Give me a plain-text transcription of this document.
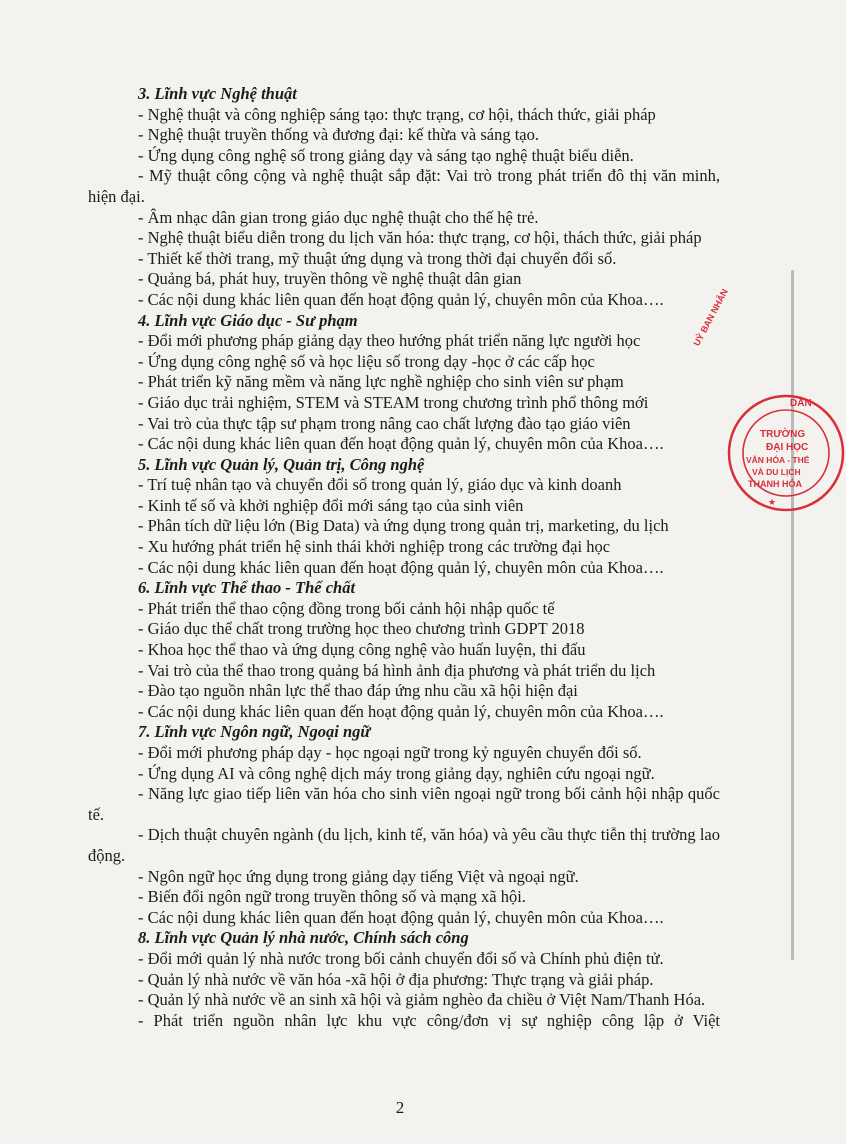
3. Lĩnh vực Nghệ thuật
- Nghệ thuật và công nghiệp sáng tạo: thực trạng, cơ hội, thách thức, giải pháp
- Nghệ thuật truyền thống và đương đại: kế thừa và sáng tạo.
- Ứng dụng công nghệ số trong giảng dạy và sáng tạo nghệ thuật biểu diễn.
- Mỹ thuật công cộng và nghệ thuật sắp đặt: Vai trò trong phát triển đô thị văn minh, hiện đại.
- Âm nhạc dân gian trong giáo dục nghệ thuật cho thế hệ trẻ.
- Nghệ thuật biểu diễn trong du lịch văn hóa: thực trạng, cơ hội, thách thức, giải pháp
- Thiết kế thời trang, mỹ thuật ứng dụng và trong thời đại chuyển đổi số.
- Quảng bá, phát huy, truyền thông về nghệ thuật dân gian
- Các nội dung khác liên quan đến hoạt động quản lý, chuyên môn của Khoa….
4. Lĩnh vực Giáo dục - Sư phạm
- Đổi mới phương pháp giảng dạy theo hướng phát triển năng lực người học
- Ứng dụng công nghệ số và học liệu số trong dạy -học ở các cấp học
- Phát triển kỹ năng mềm và năng lực nghề nghiệp cho sinh viên sư phạm
- Giáo dục trải nghiệm, STEM và STEAM trong chương trình phổ thông mới
- Vai trò của thực tập sư phạm trong nâng cao chất lượng đào tạo giáo viên
- Các nội dung khác liên quan đến hoạt động quản lý, chuyên môn của Khoa….
5. Lĩnh vực Quản lý, Quản trị, Công nghệ
- Trí tuệ nhân tạo và chuyển đổi số trong quản lý, giáo dục và kinh doanh
- Kinh tế số và khởi nghiệp đổi mới sáng tạo của sinh viên
- Phân tích dữ liệu lớn (Big Data) và ứng dụng trong quản trị, marketing, du lịch
- Xu hướng phát triển hệ sinh thái khởi nghiệp trong các trường đại học
- Các nội dung khác liên quan đến hoạt động quản lý, chuyên môn của Khoa….
6. Lĩnh vực Thể thao - Thể chất
- Phát triển thể thao cộng đồng trong bối cảnh hội nhập quốc tế
- Giáo dục thể chất trong trường học theo chương trình GDPT 2018
- Khoa học thể thao và ứng dụng công nghệ vào huấn luyện, thi đấu
- Vai trò của thể thao trong quảng bá hình ảnh địa phương và phát triển du lịch
- Đào tạo nguồn nhân lực thể thao đáp ứng nhu cầu xã hội hiện đại
- Các nội dung khác liên quan đến hoạt động quản lý, chuyên môn của Khoa….
7. Lĩnh vực Ngôn ngữ, Ngoại ngữ
- Đổi mới phương pháp dạy - học ngoại ngữ trong kỷ nguyên chuyển đổi số.
- Ứng dụng AI và công nghệ dịch máy trong giảng dạy, nghiên cứu ngoại ngữ.
- Năng lực giao tiếp liên văn hóa cho sinh viên ngoại ngữ trong bối cảnh hội nhập quốc tế.
- Dịch thuật chuyên ngành (du lịch, kinh tế, văn hóa) và yêu cầu thực tiễn thị trường lao động.
- Ngôn ngữ học ứng dụng trong giảng dạy tiếng Việt và ngoại ngữ.
- Biến đổi ngôn ngữ trong truyền thông số và mạng xã hội.
- Các nội dung khác liên quan đến hoạt động quản lý, chuyên môn của Khoa….
8. Lĩnh vực Quản lý nhà nước, Chính sách công
- Đổi mới quản lý nhà nước trong bối cảnh chuyển đổi số và Chính phủ điện tử.
- Quản lý nhà nước về văn hóa -xã hội ở địa phương: Thực trạng và giải pháp.
- Quản lý nhà nước về an sinh xã hội và giảm nghèo đa chiều ở Việt Nam/Thanh Hóa.
- Phát triển nguồn nhân lực khu vực công/đơn vị sự nghiệp công lập ở Việt
DÂN
UỶ BAN NHÂN
TRƯỜNG
ĐẠI HỌC
VĂN HÓA - THỂ
VÀ DU LỊCH
THANH HÓA
★
2
